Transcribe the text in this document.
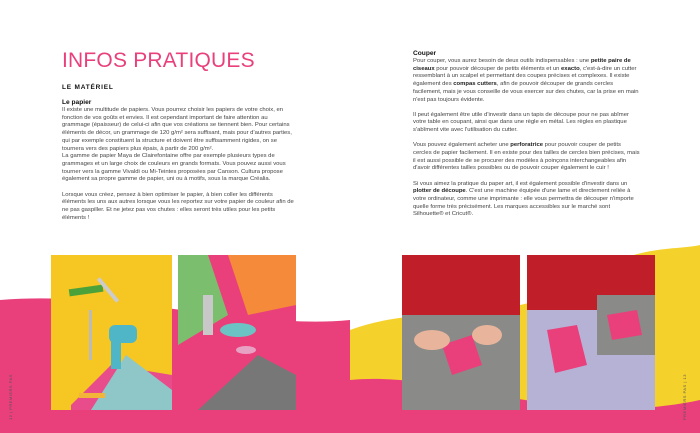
INFOS PRATIQUES
LE MATÉRIEL
Le papier
Il existe une multitude de papiers. Vous pourrez choisir les papiers de votre choix, en fonction de vos goûts et envies. Il est cependant important de faire attention au grammage (épaisseur) de celui-ci afin que vos créations se tiennent bien. Pour certains éléments de décor, un grammage de 120 g/m² sera suffisant, mais pour d'autres parties, qui par exemple constituent la structure et doivent être suffisamment rigides, on se tournera vers des papiers plus épais, à partir de 200 g/m².

La gamme de papier Maya de Clairefontaine offre par exemple plusieurs types de grammages et un large choix de couleurs en grands formats. Vous pouvez aussi vous tourner vers la gamme Vivaldi ou Mi-Teintes proposées par Canson. Cultura propose également sa propre gamme de papier, uni ou à motifs, sous la marque Créalia.

Lorsque vous créez, pensez à bien optimiser le papier, à bien coller les différents éléments les uns aux autres lorsque vous les reportez sur votre papier de couleur afin de ne pas gaspiller. Et ne jetez pas vos chutes : elles seront très utiles pour les petits éléments !

Couper

Pour couper, vous aurez besoin de deux outils indispensables : une petite paire de ciseaux pour pouvoir découper de petits éléments et un exacto, c'est-à-dire un cutter ressemblant à un scalpel et permettant des coupes précises et complexes. Il existe également des compas cutters, afin de pouvoir découper de grands cercles facilement, mais je vous conseille de vous exercer sur des chutes, car la prise en main n'est pas toujours évidente.

Il peut également être utile d'investir dans un tapis de découpe pour ne pas abîmer votre table en coupant, ainsi que dans une règle en métal. Les règles en plastique s'abîment vite avec l'utilisation du cutter.

Vous pouvez également acheter une perforatrice pour pouvoir couper de petits cercles de papier facilement. Il en existe pour des tailles de cercles bien précises, mais il est aussi possible de se procurer des modèles à poinçons interchangeables afin d'avoir différentes tailles possibles ou de pouvoir couper également le cuir !

Si vous aimez la pratique du paper art, il est également possible d'investir dans un plotter de découpe. C'est une machine équipée d'une lame et directement reliée à votre ordinateur, comme une imprimante : elle vous permettra de découper n'importe quelle forme très précisément. Les marques accessibles sur le marché sont Silhouette® et Cricut®.

12 | PREMIERS PAS	PREMIERS PAS | 13
